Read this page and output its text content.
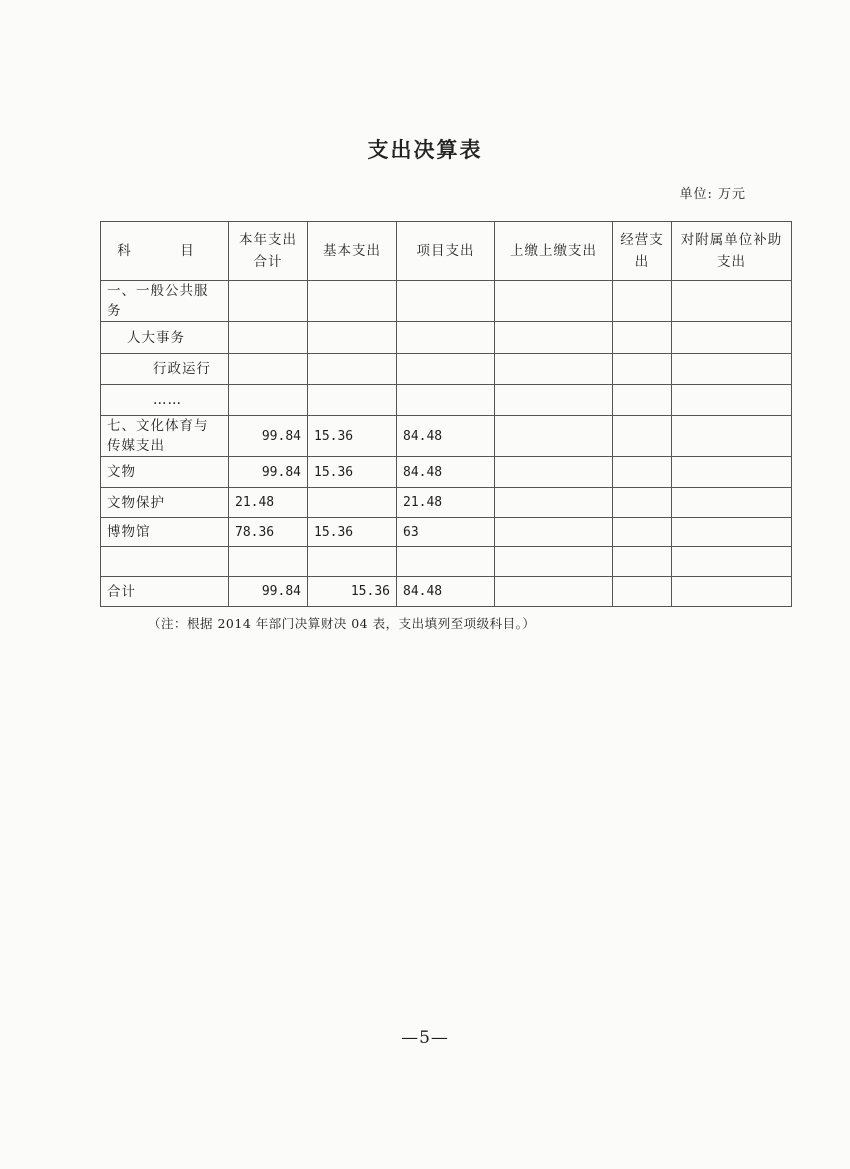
支出决算表
单位: 万元
科　目	本年支出合计	基本支出	项目支出	上缴上缴支出	经营支出	对附属单位补助支出
一、一般公共服务						
人大事务						
行政运行						
……						
七、文化体育与传媒支出	99.84	15.36	84.48			
文物	99.84	15.36	84.48			
文物保护	21.48		21.48			
博物馆	78.36	15.36	63			

合计	99.84	15.36	84.48			
（注：根据 2014 年部门决算财决 04 表，支出填列至项级科目。）
—5—
